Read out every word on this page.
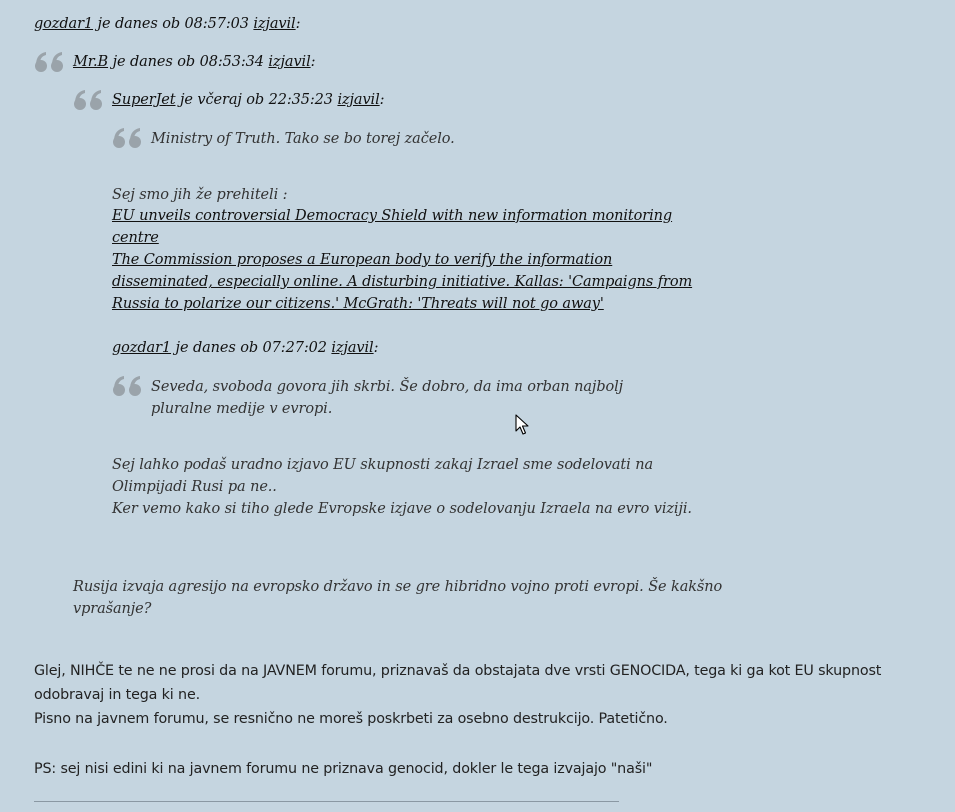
gozdar1 je danes ob 08:57:03 izjavil:
Mr.B je danes ob 08:53:34 izjavil:
SuperJet je včeraj ob 22:35:23 izjavil:
Ministry of Truth. Tako se bo torej začelo.
Sej smo jih že prehiteli :
EU unveils controversial Democracy Shield with new information monitoring
centre
The Commission proposes a European body to verify the information
disseminated, especially online. A disturbing initiative. Kallas: 'Campaigns from
Russia to polarize our citizens.' McGrath: 'Threats will not go away'
gozdar1 je danes ob 07:27:02 izjavil:
Seveda, svoboda govora jih skrbi. Še dobro, da ima orban najbolj
pluralne medije v evropi.
Sej lahko podaš uradno izjavo EU skupnosti zakaj Izrael sme sodelovati na
Olimpijadi Rusi pa ne..
Ker vemo kako si tiho glede Evropske izjave o sodelovanju Izraela na evro viziji.
Rusija izvaja agresijo na evropsko državo in se gre hibridno vojno proti evropi. Še kakšno
vprašanje?
Glej, NIHČE te ne ne prosi da na JAVNEM forumu, priznavaš da obstajata dve vrsti GENOCIDA, tega ki ga kot EU skupnost
odobravaj in tega ki ne.
Pisno na javnem forumu, se resnično ne moreš poskrbeti za osebno destrukcijo. Patetično.
PS: sej nisi edini ki na javnem forumu ne priznava genocid, dokler le tega izvajajo "naši"
